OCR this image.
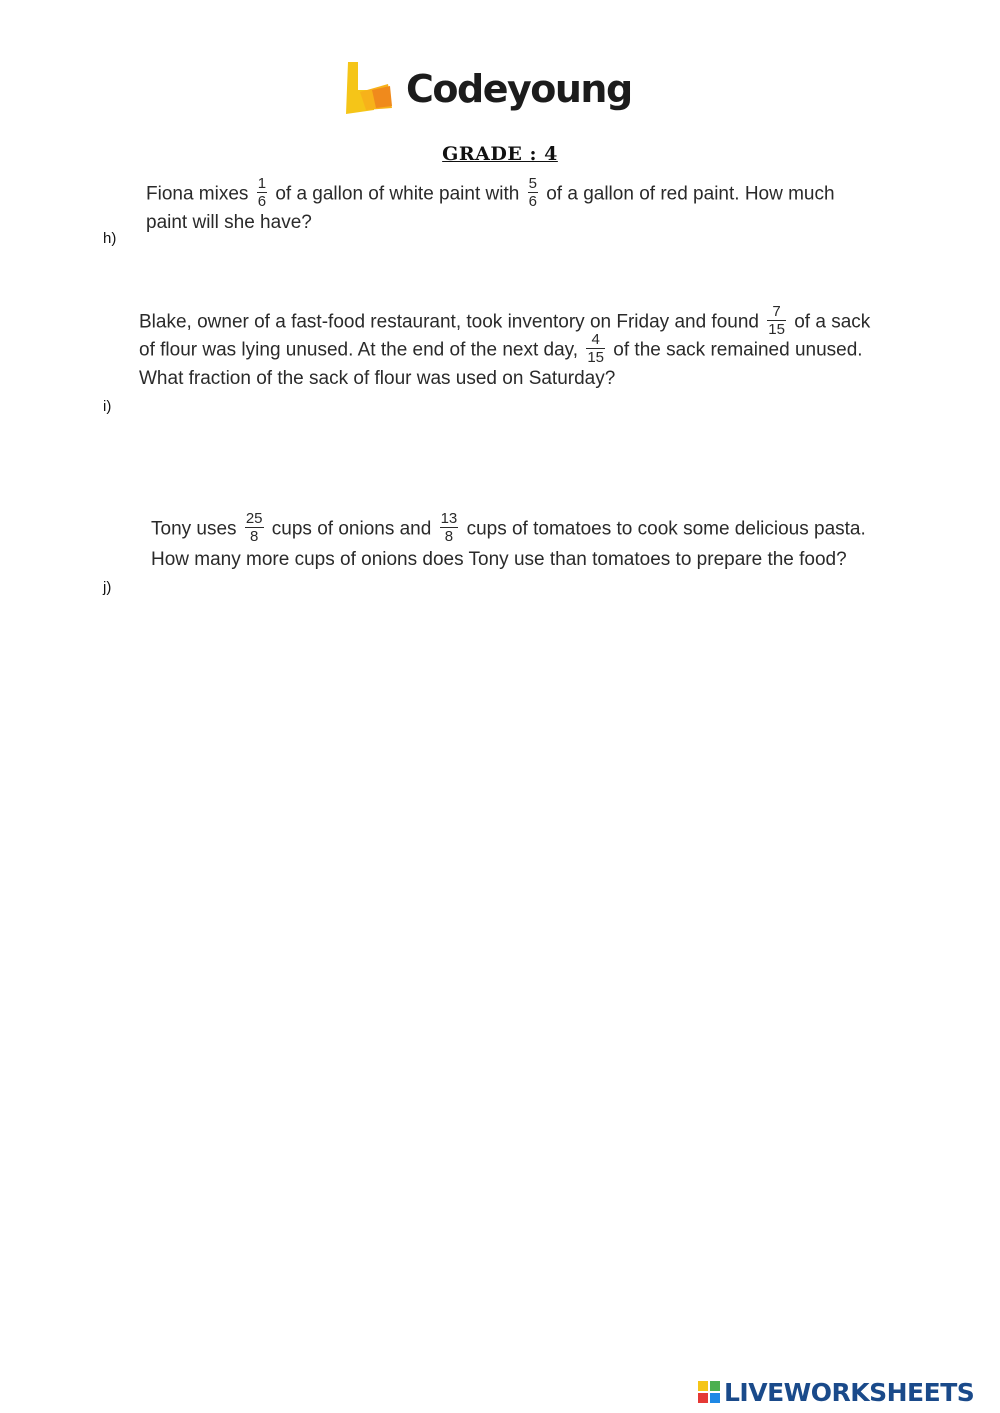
Codeyoung
GRADE : 4
Fiona mixes $\frac{1}{6}$ of a gallon of white paint with $\frac{5}{6}$ of a gallon of red paint. How much
paint will she have?
h)
Blake, owner of a fast-food restaurant, took inventory on Friday and found $\frac{7}{15}$ of a sack
of flour was lying unused. At the end of the next day, $\frac{4}{15}$ of the sack remained unused.
What fraction of the sack of flour was used on Saturday?
i)
Tony uses $\frac{25}{8}$ cups of onions and $\frac{13}{8}$ cups of tomatoes to cook some delicious pasta.
How many more cups of onions does Tony use than tomatoes to prepare the food?
j)
LIVEWORKSHEETS
